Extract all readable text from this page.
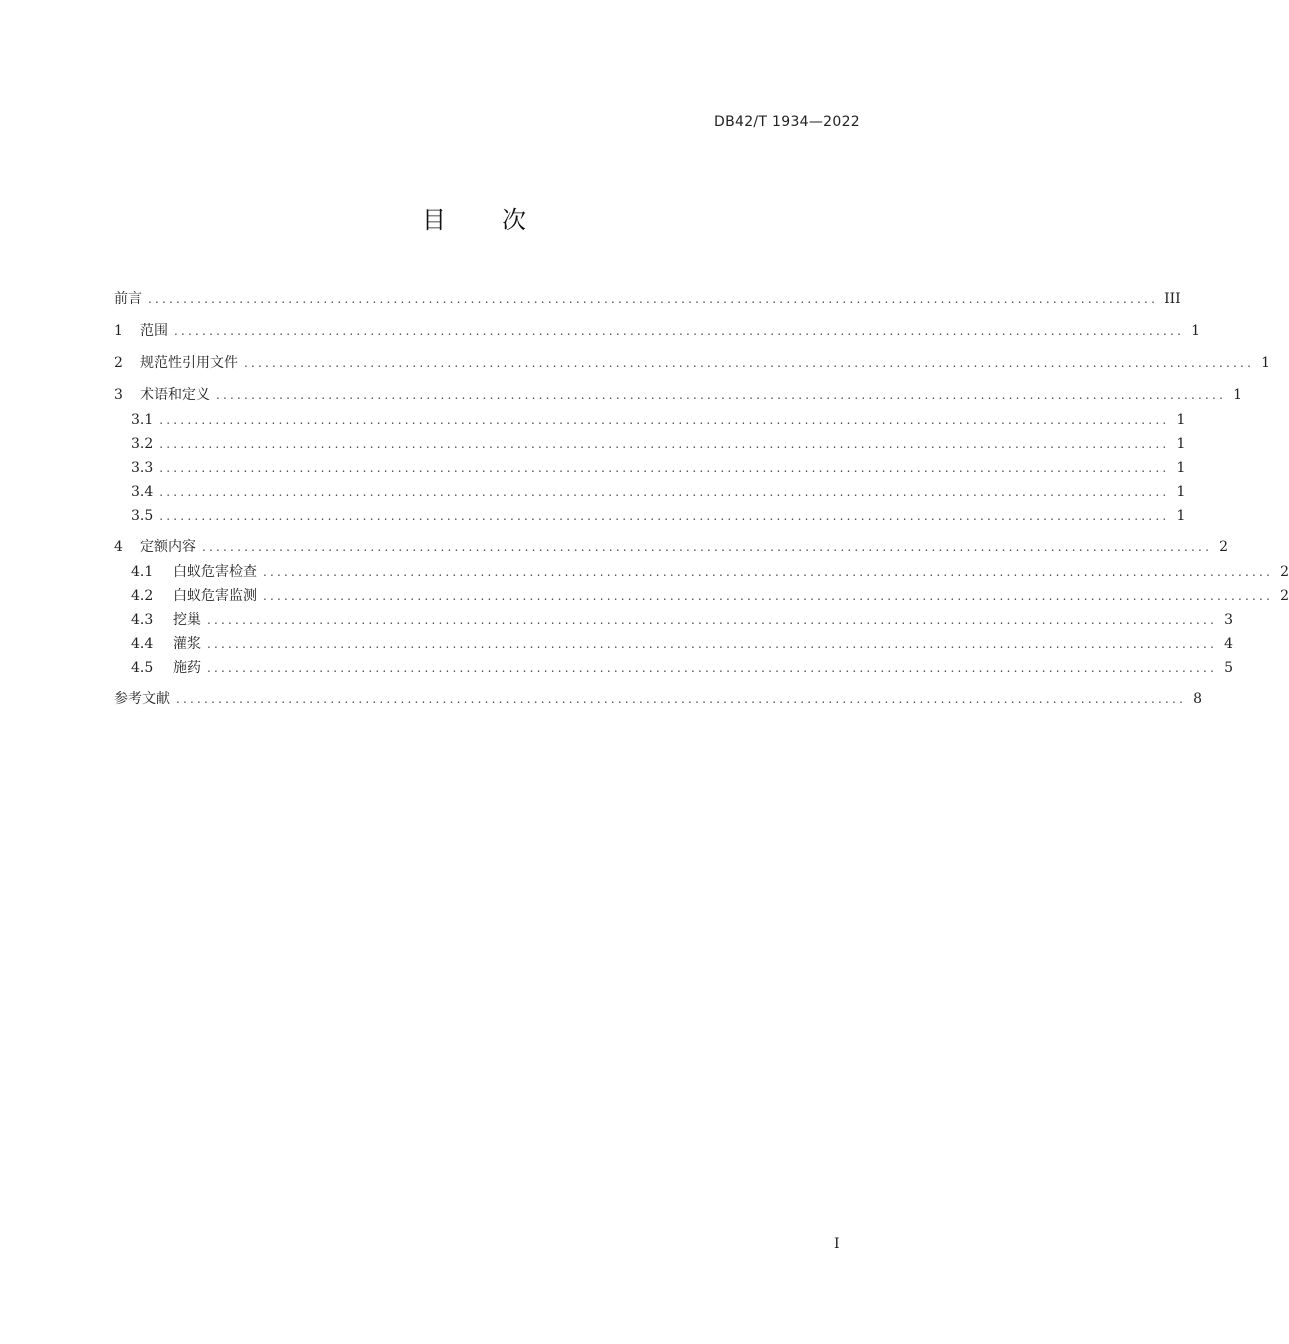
DB42/T 1934—2022
目 次
前言 ................................................................................................................................................ III
1	范围 ................................................................................................................................................ 1
2	规范性引用文件 ................................................................................................................................................ 1
3	术语和定义 ................................................................................................................................................ 1
3.1 ................................................................................................................................................ 1
3.2 ................................................................................................................................................ 1
3.3 ................................................................................................................................................ 1
3.4 ................................................................................................................................................ 1
3.5 ................................................................................................................................................ 1
4	定额内容 ................................................................................................................................................ 2
4.1	白蚁危害检查 ................................................................................................................................................ 2
4.2	白蚁危害监测 ................................................................................................................................................ 2
4.3	挖巢 ................................................................................................................................................ 3
4.4	灌浆 ................................................................................................................................................ 4
4.5	施药 ................................................................................................................................................ 5
参考文献 ................................................................................................................................................ 8
I
